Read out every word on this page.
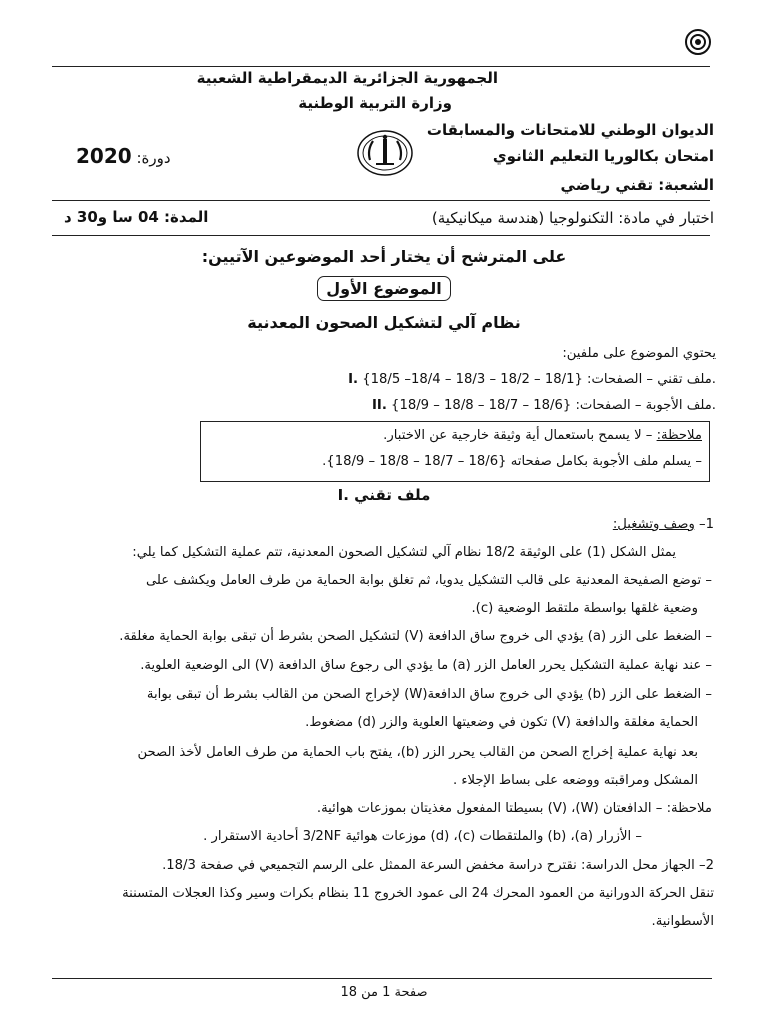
الجمهورية الجزائرية الديمقراطية الشعبية
وزارة التربية الوطنية
الديوان الوطني للامتحانات والمسابقات
امتحان بكالوريا التعليم الثانوي
الشعبة: تقني رياضي
دورة: 2020
اختبار في مادة: التكنولوجيا (هندسة ميكانيكية)
المدة: 04 سا و30 د
على المترشح أن يختار أحد الموضوعين الآتيين:
الموضوع الأول
نظام آلي لتشكيل الصحون المعدنية
يحتوي الموضوع على ملفين:
I. ملف تقني – الصفحات: {18/1 – 18/2 – 18/3 – 18/4– 18/5}.
II. ملف الأجوبة – الصفحات: {18/6 – 18/7 – 18/8 – 18/9}.
ملاحظة: – لا يسمح باستعمال أية وثيقة خارجية عن الاختبار.
– يسلم ملف الأجوبة بكامل صفحاته {18/6 – 18/7 – 18/8 – 18/9}.
I. ملف تقني
1– وصف وتشغيل:
يمثل الشكل (1) على الوثيقة 18/2 نظام آلي لتشكيل الصحون المعدنية، تتم عملية التشكيل كما يلي:
– توضع الصفيحة المعدنية على قالب التشكيل يدويا، ثم تغلق بوابة الحماية من طرف العامل ويكشف على
وضعية غلقها بواسطة ملتقط الوضعية (c).
– الضغط على الزر (a) يؤدي الى خروج ساق الدافعة (V) لتشكيل الصحن بشرط أن تبقى بوابة الحماية مغلقة.
– عند نهاية عملية التشكيل يحرر العامل الزر (a) ما يؤدي الى رجوع ساق الدافعة (V) الى الوضعية العلوية.
– الضغط على الزر (b) يؤدي الى خروج ساق الدافعة(W) لإخراج الصحن من القالب بشرط أن تبقى بوابة
الحماية مغلقة والدافعة (V) تكون في وضعيتها العلوية والزر (d) مضغوط.
بعد نهاية عملية إخراج الصحن من القالب يحرر الزر (b)، يفتح باب الحماية من طرف العامل لأخذ الصحن
المشكل ومراقبته ووضعه على بساط الإجلاء .
ملاحظة: – الدافعتان (W)، (V) بسيطتا المفعول مغذيتان بموزعات هوائية.
– الأزرار (a)، (b) والملتقطات (c)، (d) موزعات هوائية 3/2NF أحادية الاستقرار .
2– الجهاز محل الدراسة: نقترح دراسة مخفض السرعة الممثل على الرسم التجميعي في صفحة 18/3.
تنقل الحركة الدورانية من العمود المحرك 24 الى عمود الخروج 11 بنظام بكرات وسير وكذا العجلات المتسننة
الأسطوانية.
صفحة 1 من 18
